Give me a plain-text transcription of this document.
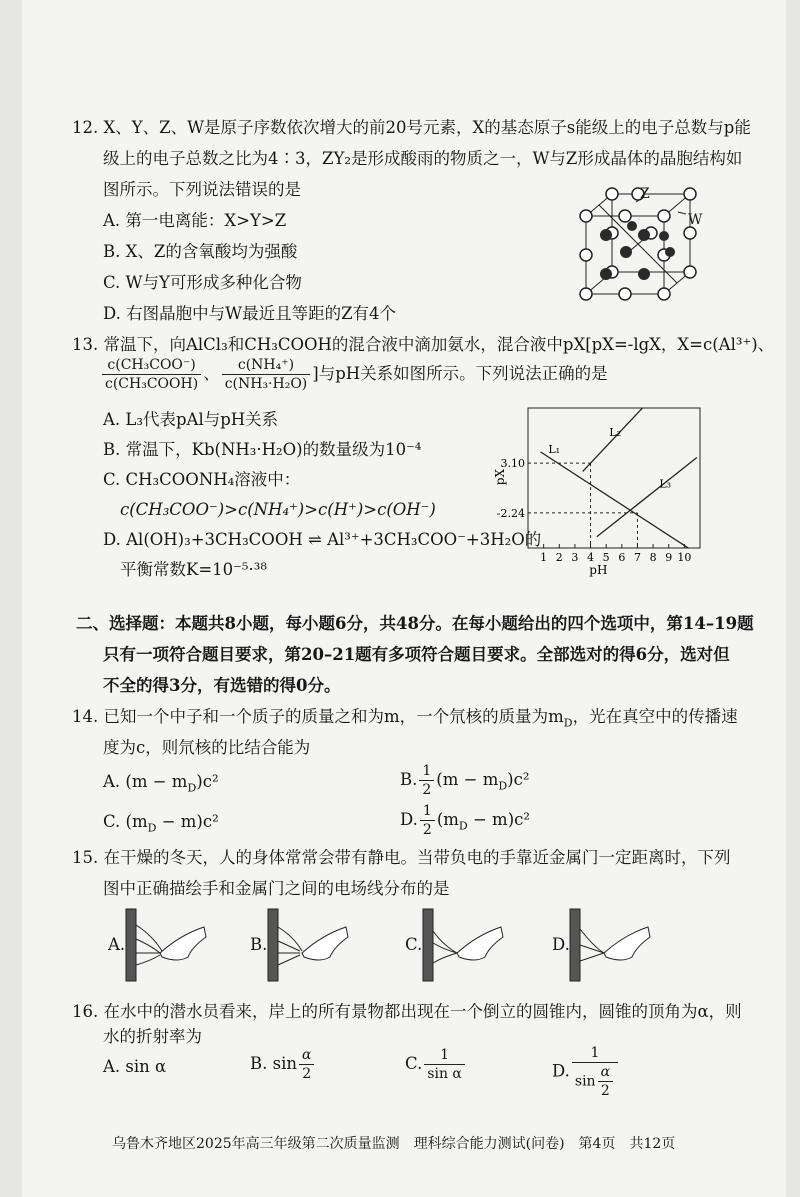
12. X、Y、Z、W是原子序数依次增大的前20号元素，X的基态原子s能级上的电子总数与p能
级上的电子总数之比为4∶3，ZY₂是形成酸雨的物质之一，W与Z形成晶体的晶胞结构如
图所示。下列说法错误的是
A. 第一电离能：X>Y>Z
B. X、Z的含氧酸均为强酸
C. W与Y可形成多种化合物
D. 右图晶胞中与W最近且等距的Z有4个
Z
W
13. 常温下，向AlCl₃和CH₃COOH的混合液中滴加氨水，混合液中pX[pX=-lgX，X=c(Al³⁺)、
$\frac{\text{c(CH₃COO⁻)}}{\text{c(CH₃COOH)}}$ 、 $\frac{\text{c(NH₄⁺)}}{\text{c(NH₃·H₂O)}}$ ]与pH关系如图所示。下列说法正确的是
A. L₃代表pAl与pH关系
B. 常温下，Kb(NH₃·H₂O)的数量级为10⁻⁴
C. CH₃COONH₄溶液中：
c(CH₃COO⁻)>c(NH₄⁺)>c(H⁺)>c(OH⁻)
D. Al(OH)₃+3CH₃COOH ⇌ Al³⁺+3CH₃COO⁻+3H₂O的
平衡常数K=10⁻⁵·³⁸
1 2 3 4 5 6 7 8 9 10
3.10
-2.24
pX
pH
L₁
L₂
L₃
二、选择题：本题共8小题，每小题6分，共48分。在每小题给出的四个选项中，第14–19题
只有一项符合题目要求，第20–21题有多项符合题目要求。全部选对的得6分，选对但
不全的得3分，有选错的得0分。
14. 已知一个中子和一个质子的质量之和为m，一个氘核的质量为$m_D$，光在真空中的传播速
度为c，则氘核的比结合能为
A. $(m - m_D)c^2$	B. $\frac{1}{2} (m - m_D)c^2$
C. $(m_D - m)c^2$	D. $\frac{1}{2} (m_D - m)c^2$
15. 在干燥的冬天，人的身体常常会带有静电。当带负电的手靠近金属门一定距离时，下列
图中正确描绘手和金属门之间的电场线分布的是
A.	B.	C.	D.
16. 在水中的潜水员看来，岸上的所有景物都出现在一个倒立的圆锥内，圆锥的顶角为α，则
水的折射率为
A. sin α	B. $\sin \frac{\alpha}{2}$	C. $\frac{1}{\text{sin α}}$	D. $\frac{1}{\sin \frac{\alpha}{2}}$
乌鲁木齐地区2025年高三年级第二次质量监测　理科综合能力测试(问卷)　第4页　共12页
